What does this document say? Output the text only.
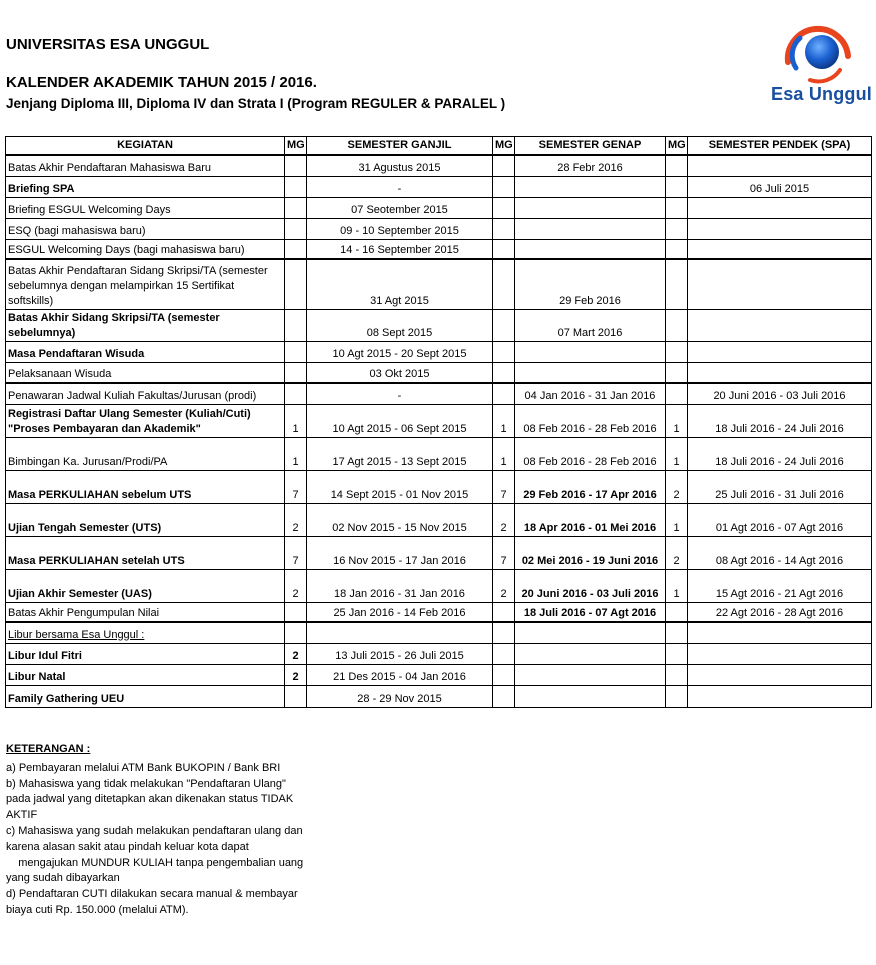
UNIVERSITAS ESA UNGGUL
KALENDER AKADEMIK TAHUN 2015 / 2016.
Jenjang Diploma III, Diploma IV dan Strata I (Program REGULER & PARALEL )	Esa Unggul
KEGIATAN	MG	SEMESTER GANJIL	MG	SEMESTER GENAP	MG	SEMESTER PENDEK (SPA)
Batas Akhir Pendaftaran Mahasiswa Baru		31 Agustus 2015		28 Febr 2016		
Briefing SPA		-				06 Juli 2015
Briefing ESGUL Welcoming Days		07 Seotember 2015				
ESQ (bagi mahasiswa baru)		09 - 10 September 2015				
ESGUL Welcoming Days (bagi mahasiswa baru)		14 - 16 September 2015				
Batas Akhir Pendaftaran Sidang Skripsi/TA (semester sebelumnya dengan melampirkan 15 Sertifikat softskills)		31 Agt 2015		29 Feb 2016		
Batas Akhir Sidang Skripsi/TA (semester sebelumnya)		08 Sept 2015		07 Mart 2016		
Masa Pendaftaran Wisuda		10 Agt 2015 - 20 Sept 2015				
Pelaksanaan Wisuda		03 Okt 2015				
Penawaran Jadwal Kuliah Fakultas/Jurusan (prodi)		-		04 Jan 2016 - 31 Jan 2016		20 Juni 2016 - 03 Juli 2016
Registrasi Daftar Ulang Semester (Kuliah/Cuti) "Proses Pembayaran dan Akademik"	1	10 Agt 2015 - 06 Sept 2015	1	08 Feb 2016 - 28 Feb 2016	1	18 Juli 2016 - 24 Juli 2016
Bimbingan Ka. Jurusan/Prodi/PA	1	17 Agt 2015 - 13 Sept 2015	1	08 Feb 2016 - 28 Feb 2016	1	18 Juli 2016 - 24 Juli 2016
Masa PERKULIAHAN sebelum UTS	7	14 Sept 2015 - 01 Nov 2015	7	29 Feb 2016 - 17 Apr 2016	2	25 Juli 2016 - 31 Juli 2016
Ujian Tengah Semester (UTS)	2	02 Nov 2015 - 15 Nov 2015	2	18 Apr 2016 - 01 Mei 2016	1	01 Agt 2016 - 07 Agt 2016
Masa PERKULIAHAN setelah UTS	7	16 Nov 2015 - 17 Jan 2016	7	02 Mei 2016 - 19 Juni 2016	2	08 Agt 2016 - 14 Agt 2016
Ujian Akhir Semester (UAS)	2	18 Jan 2016 - 31 Jan 2016	2	20 Juni 2016 - 03 Juli 2016	1	15 Agt 2016 - 21 Agt 2016
Batas Akhir Pengumpulan Nilai		25 Jan 2016 - 14 Feb 2016		18 Juli 2016 - 07 Agt 2016		22 Agt 2016 - 28 Agt 2016
Libur bersama Esa Unggul :						
Libur Idul Fitri	2	13 Juli 2015 - 26 Juli 2015				
Libur Natal	2	21 Des 2015 - 04 Jan 2016				
Family Gathering UEU		28 - 29 Nov 2015				
KETERANGAN :
a) Pembayaran melalui ATM Bank BUKOPIN / Bank BRI
b) Mahasiswa yang tidak melakukan "Pendaftaran Ulang" pada jadwal yang ditetapkan akan dikenakan status TIDAK AKTIF
c) Mahasiswa yang sudah melakukan pendaftaran ulang dan karena alasan sakit atau pindah keluar kota dapat
mengajukan MUNDUR KULIAH tanpa pengembalian uang yang sudah dibayarkan
d) Pendaftaran CUTI dilakukan secara manual & membayar biaya cuti Rp. 150.000 (melalui ATM).
